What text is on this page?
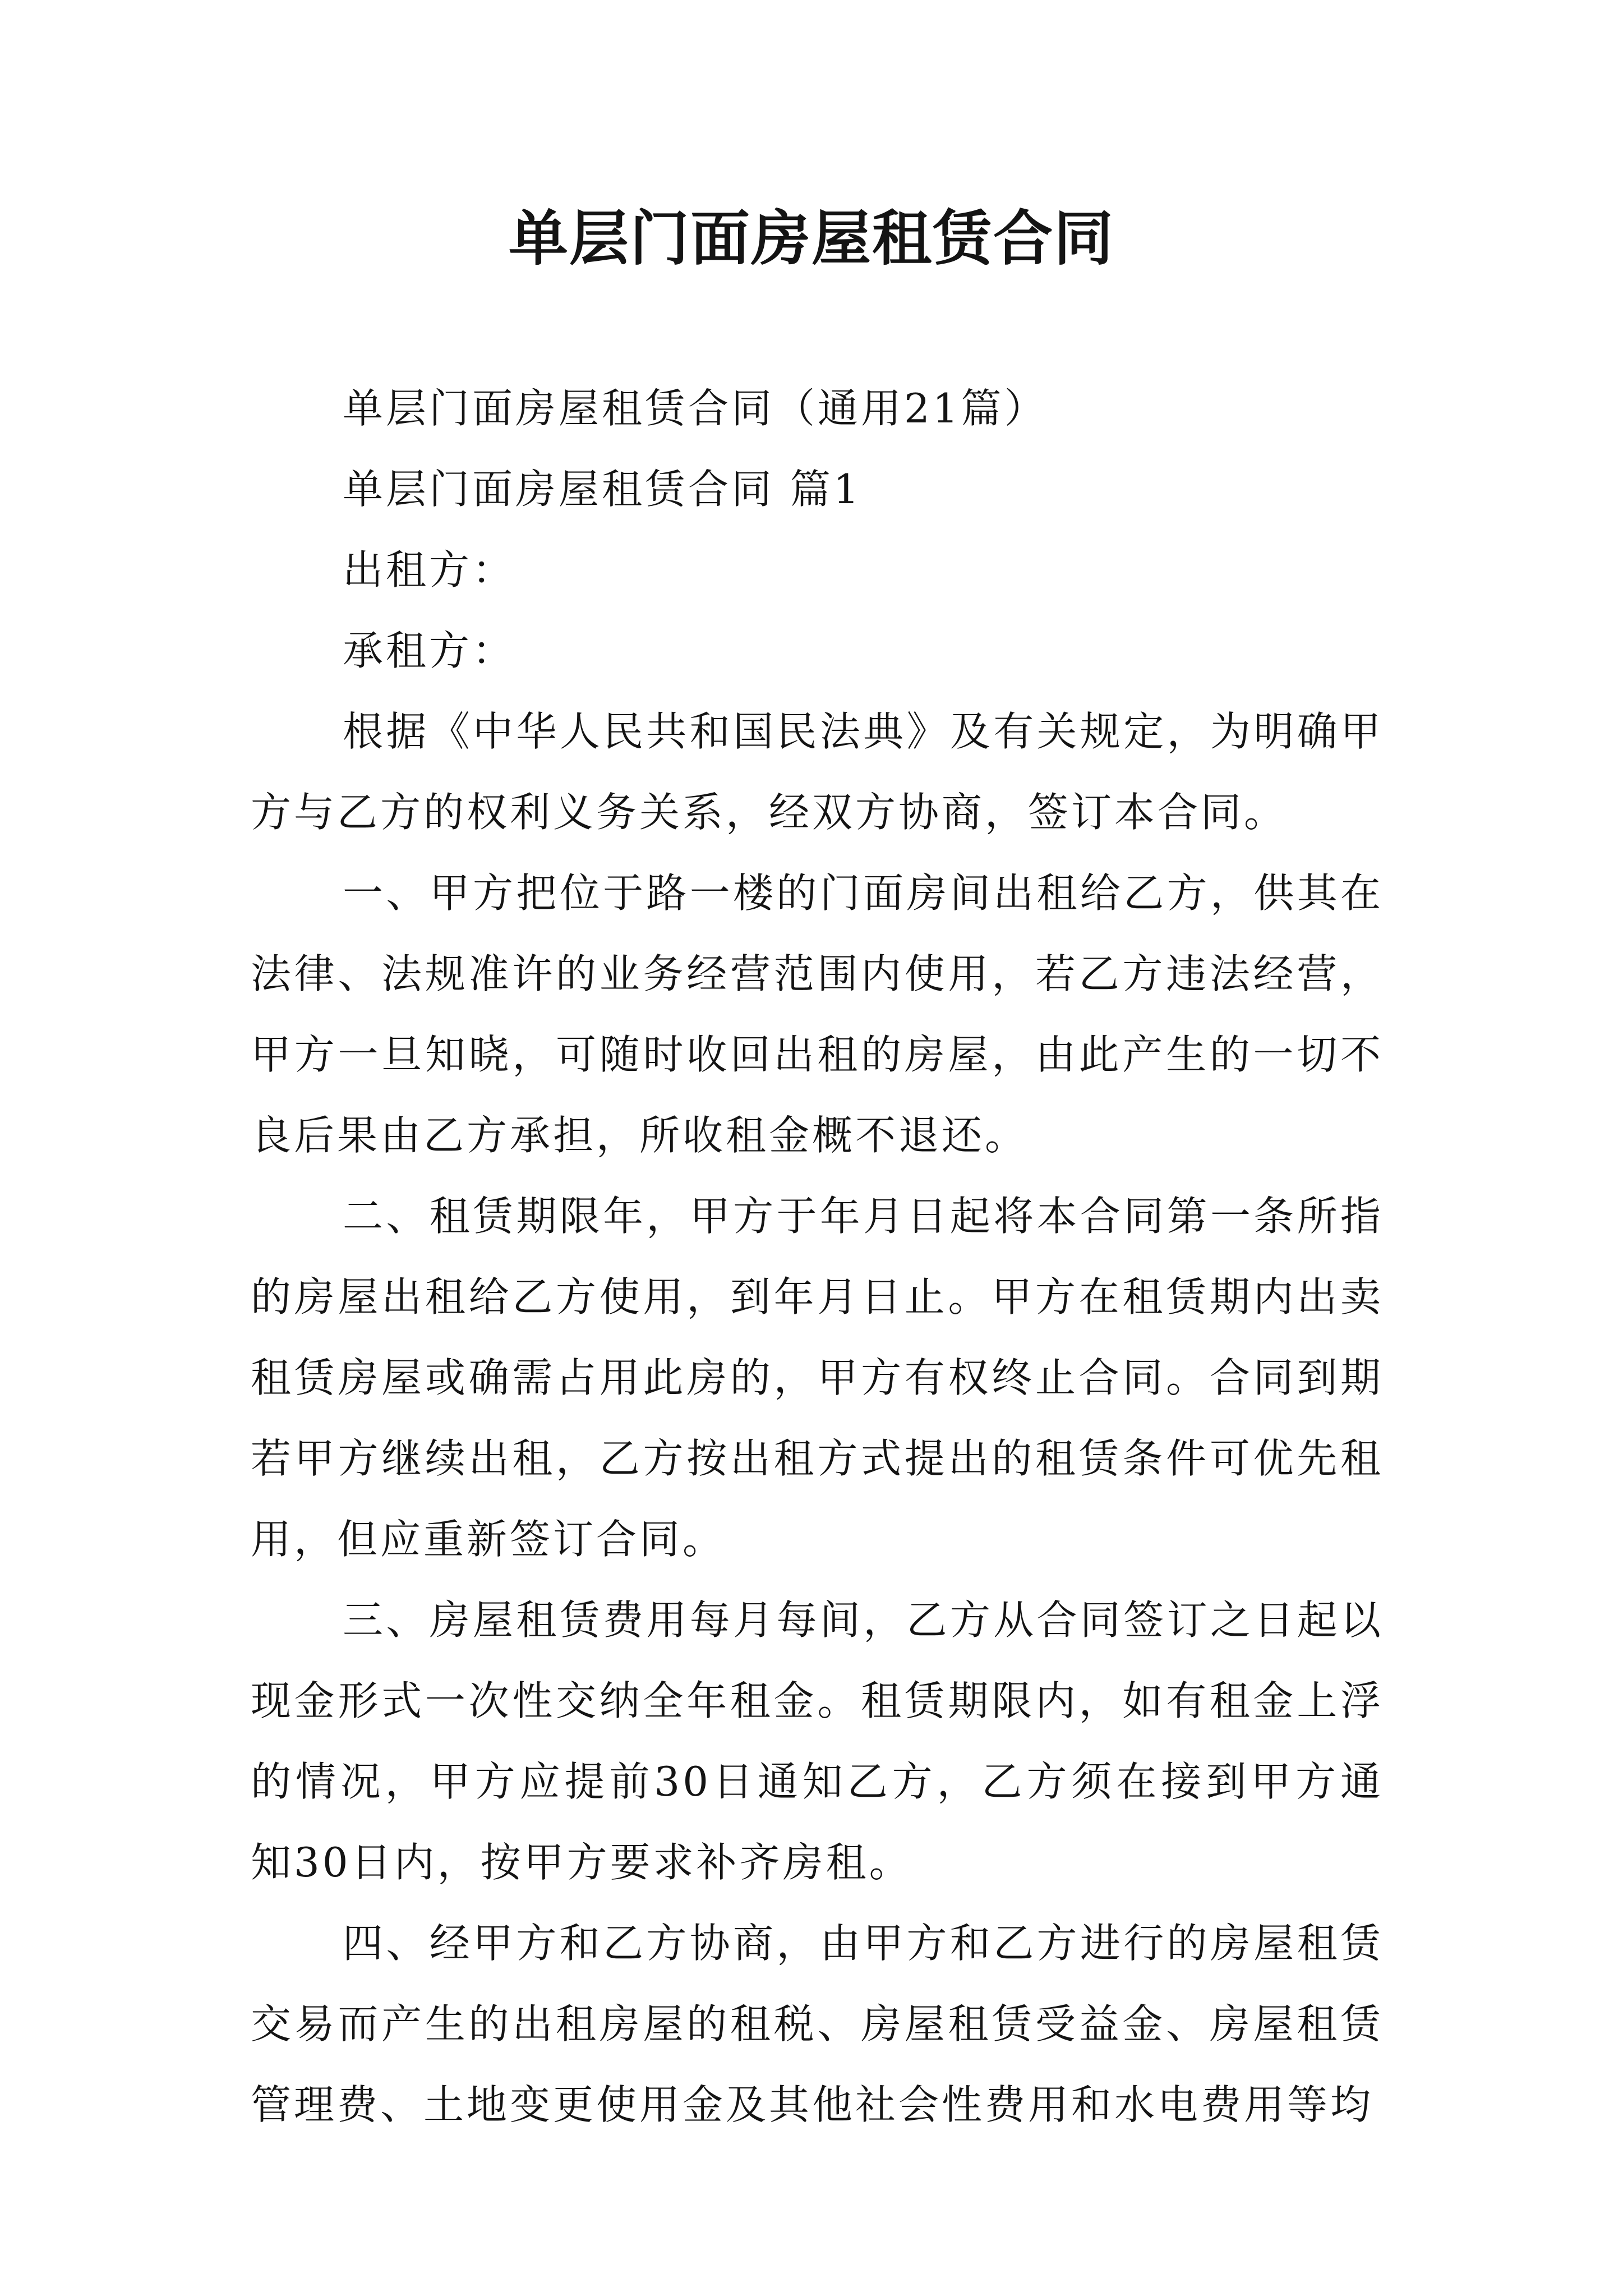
单层门面房屋租赁合同

单层门面房屋租赁合同（通用21篇）

单层门面房屋租赁合同 篇1

出租方：

承租方：

根据《中华人民共和国民法典》及有关规定，为明确甲方与乙方的权利义务关系，经双方协商，签订本合同。

一、甲方把位于路一楼的门面房间出租给乙方，供其在法律、法规准许的业务经营范围内使用，若乙方违法经营，甲方一旦知晓，可随时收回出租的房屋，由此产生的一切不良后果由乙方承担，所收租金概不退还。

二、租赁期限年，甲方于年月日起将本合同第一条所指的房屋出租给乙方使用，到年月日止。甲方在租赁期内出卖租赁房屋或确需占用此房的，甲方有权终止合同。合同到期若甲方继续出租，乙方按出租方式提出的租赁条件可优先租用，但应重新签订合同。

三、房屋租赁费用每月每间，乙方从合同签订之日起以现金形式一次性交纳全年租金。租赁期限内，如有租金上浮的情况，甲方应提前30日通知乙方，乙方须在接到甲方通知30日内，按甲方要求补齐房租。

四、经甲方和乙方协商，由甲方和乙方进行的房屋租赁交易而产生的出租房屋的租税、房屋租赁受益金、房屋租赁管理费、土地变更使用金及其他社会性费用和水电费用等均
